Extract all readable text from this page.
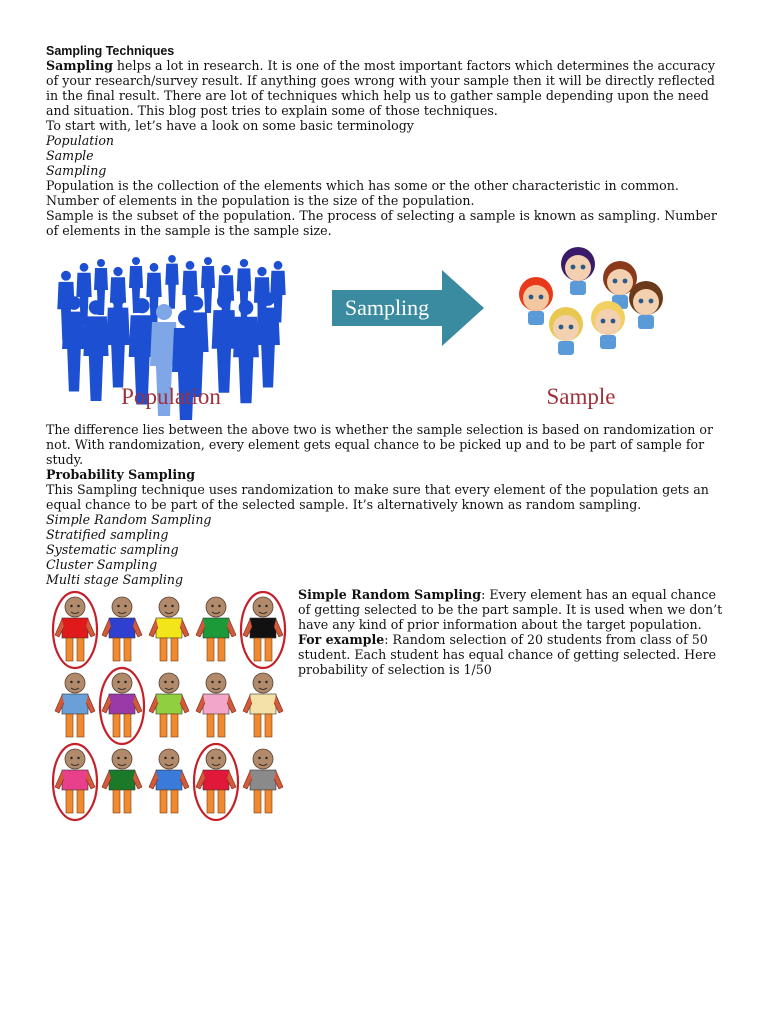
Sampling Techniques

Sampling helps a lot in research. It is one of the most important factors which determines the accuracy of your research/survey result. If anything goes wrong with your sample then it will be directly reflected in the final result. There are lot of techniques which help us to gather sample depending upon the need and situation. This blog post tries to explain some of those techniques.

To start with, let’s have a look on some basic terminology

Population
Sample
Sampling

Population is the collection of the elements which has some or the other characteristic in common. Number of elements in the population is the size of the population.

Sample is the subset of the population. The process of selecting a sample is known as sampling. Number of elements in the sample is the sample size.

Sampling
Population	Sample

The difference lies between the above two is whether the sample selection is based on randomization or not. With randomization, every element gets equal chance to be picked up and to be part of sample for study.

Probability Sampling

This Sampling technique uses randomization to make sure that every element of the population gets an equal chance to be part of the selected sample. It’s alternatively known as random sampling.

Simple Random Sampling
Stratified sampling
Systematic sampling
Cluster Sampling
Multi stage Sampling
Simple Random Sampling: Every element has an equal chance of getting selected to be the part sample. It is used when we don’t have any kind of prior information about the target population.
For example: Random selection of 20 students from class of 50 student. Each student has equal chance of getting selected. Here probability of selection is 1/50
